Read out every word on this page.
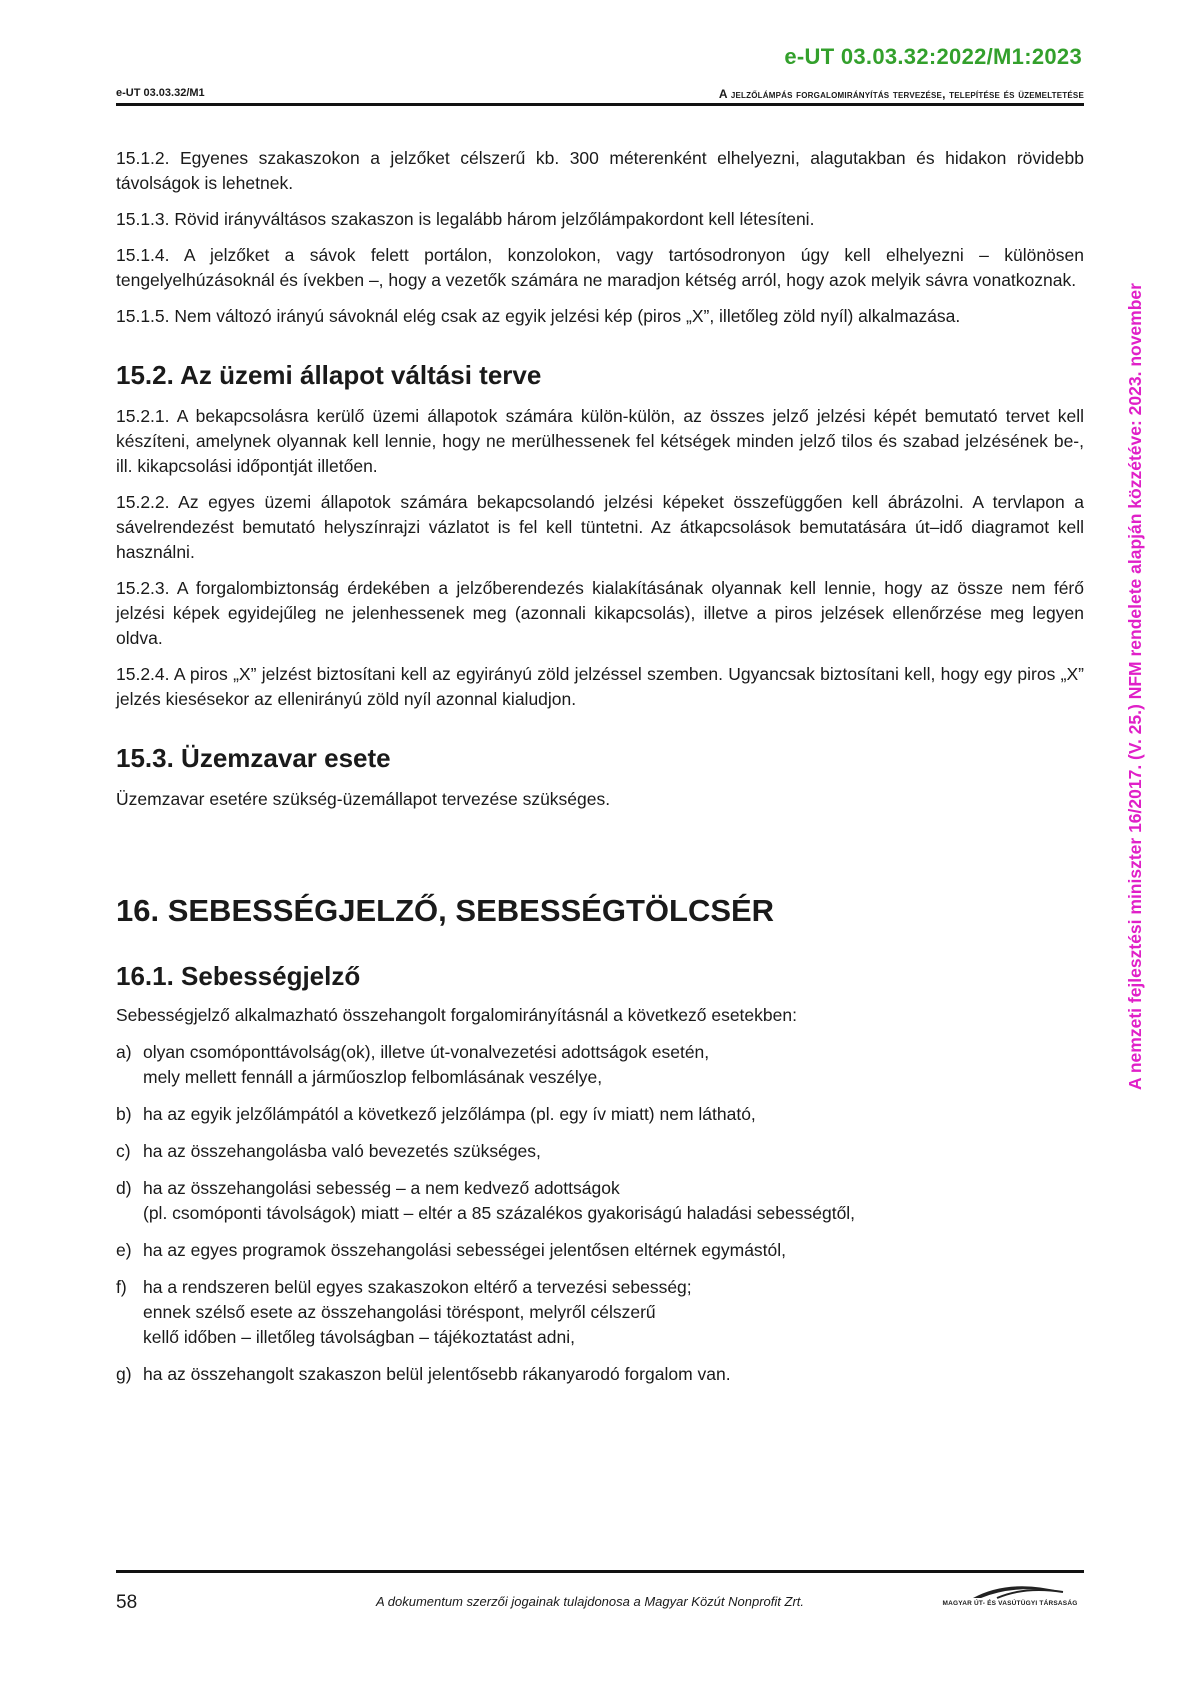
e-UT 03.03.32:2022/M1:2023
e-UT 03.03.32/M1	A jelzőlámpás forgalomirányítás tervezése, telepítése és üzemeltetése
A nemzeti fejlesztési miniszter 16/2017. (V. 25.) NFM rendelete alapján közzétéve: 2023. november

15.1.2. Egyenes szakaszokon a jelzőket célszerű kb. 300 méterenként elhelyezni, alagutakban és hidakon rövidebb távolságok is lehetnek.

15.1.3. Rövid irányváltásos szakaszon is legalább három jelzőlámpakordont kell létesíteni.

15.1.4. A jelzőket a sávok felett portálon, konzolokon, vagy tartósodronyon úgy kell elhelyezni – különösen tengelyelhúzásoknál és ívekben –, hogy a vezetők számára ne maradjon kétség arról, hogy azok melyik sávra vonatkoznak.

15.1.5. Nem változó irányú sávoknál elég csak az egyik jelzési kép (piros „X”, illetőleg zöld nyíl) alkalmazása.

15.2. Az üzemi állapot váltási terve

15.2.1. A bekapcsolásra kerülő üzemi állapotok számára külön-külön, az összes jelző jelzési képét bemutató tervet kell készíteni, amelynek olyannak kell lennie, hogy ne merülhessenek fel kétségek minden jelző tilos és szabad jelzésének be-, ill. kikapcsolási időpontját illetően.

15.2.2. Az egyes üzemi állapotok számára bekapcsolandó jelzési képeket összefüggően kell ábrázolni. A tervlapon a sávelrendezést bemutató helyszínrajzi vázlatot is fel kell tüntetni. Az átkapcsolások bemutatására út–idő diagramot kell használni.

15.2.3. A forgalombiztonság érdekében a jelzőberendezés kialakításának olyannak kell lennie, hogy az össze nem férő jelzési képek egyidejűleg ne jelenhessenek meg (azonnali kikapcsolás), illetve a piros jelzések ellenőrzése meg legyen oldva.

15.2.4. A piros „X” jelzést biztosítani kell az egyirányú zöld jelzéssel szemben. Ugyancsak biztosítani kell, hogy egy piros „X” jelzés kiesésekor az ellenirányú zöld nyíl azonnal kialudjon.

15.3. Üzemzavar esete

Üzemzavar esetére szükség-üzemállapot tervezése szükséges.

16. SEBESSÉGJELZŐ, SEBESSÉGTÖLCSÉR
16.1. Sebességjelző

Sebességjelző alkalmazható összehangolt forgalomirányításnál a következő esetekben:

a) olyan csomóponttávolság(ok), illetve út-vonalvezetési adottságok esetén,
mely mellett fennáll a járműoszlop felbomlásának veszélye,
b) ha az egyik jelzőlámpától a következő jelzőlámpa (pl. egy ív miatt) nem látható,
c) ha az összehangolásba való bevezetés szükséges,
d) ha az összehangolási sebesség – a nem kedvező adottságok
(pl. csomóponti távolságok) miatt – eltér a 85 százalékos gyakoriságú haladási sebességtől,
e) ha az egyes programok összehangolási sebességei jelentősen eltérnek egymástól,
f) ha a rendszeren belül egyes szakaszokon eltérő a tervezési sebesség;
ennek szélső esete az összehangolási töréspont, melyről célszerű
kellő időben – illetőleg távolságban – tájékoztatást adni,
g) ha az összehangolt szakaszon belül jelentősebb rákanyarodó forgalom van.
58	A dokumentum szerzői jogainak tulajdonosa a Magyar Közút Nonprofit Zrt.	MAGYAR ÚT- ÉS VASÚTÜGYI TÁRSASÁG
